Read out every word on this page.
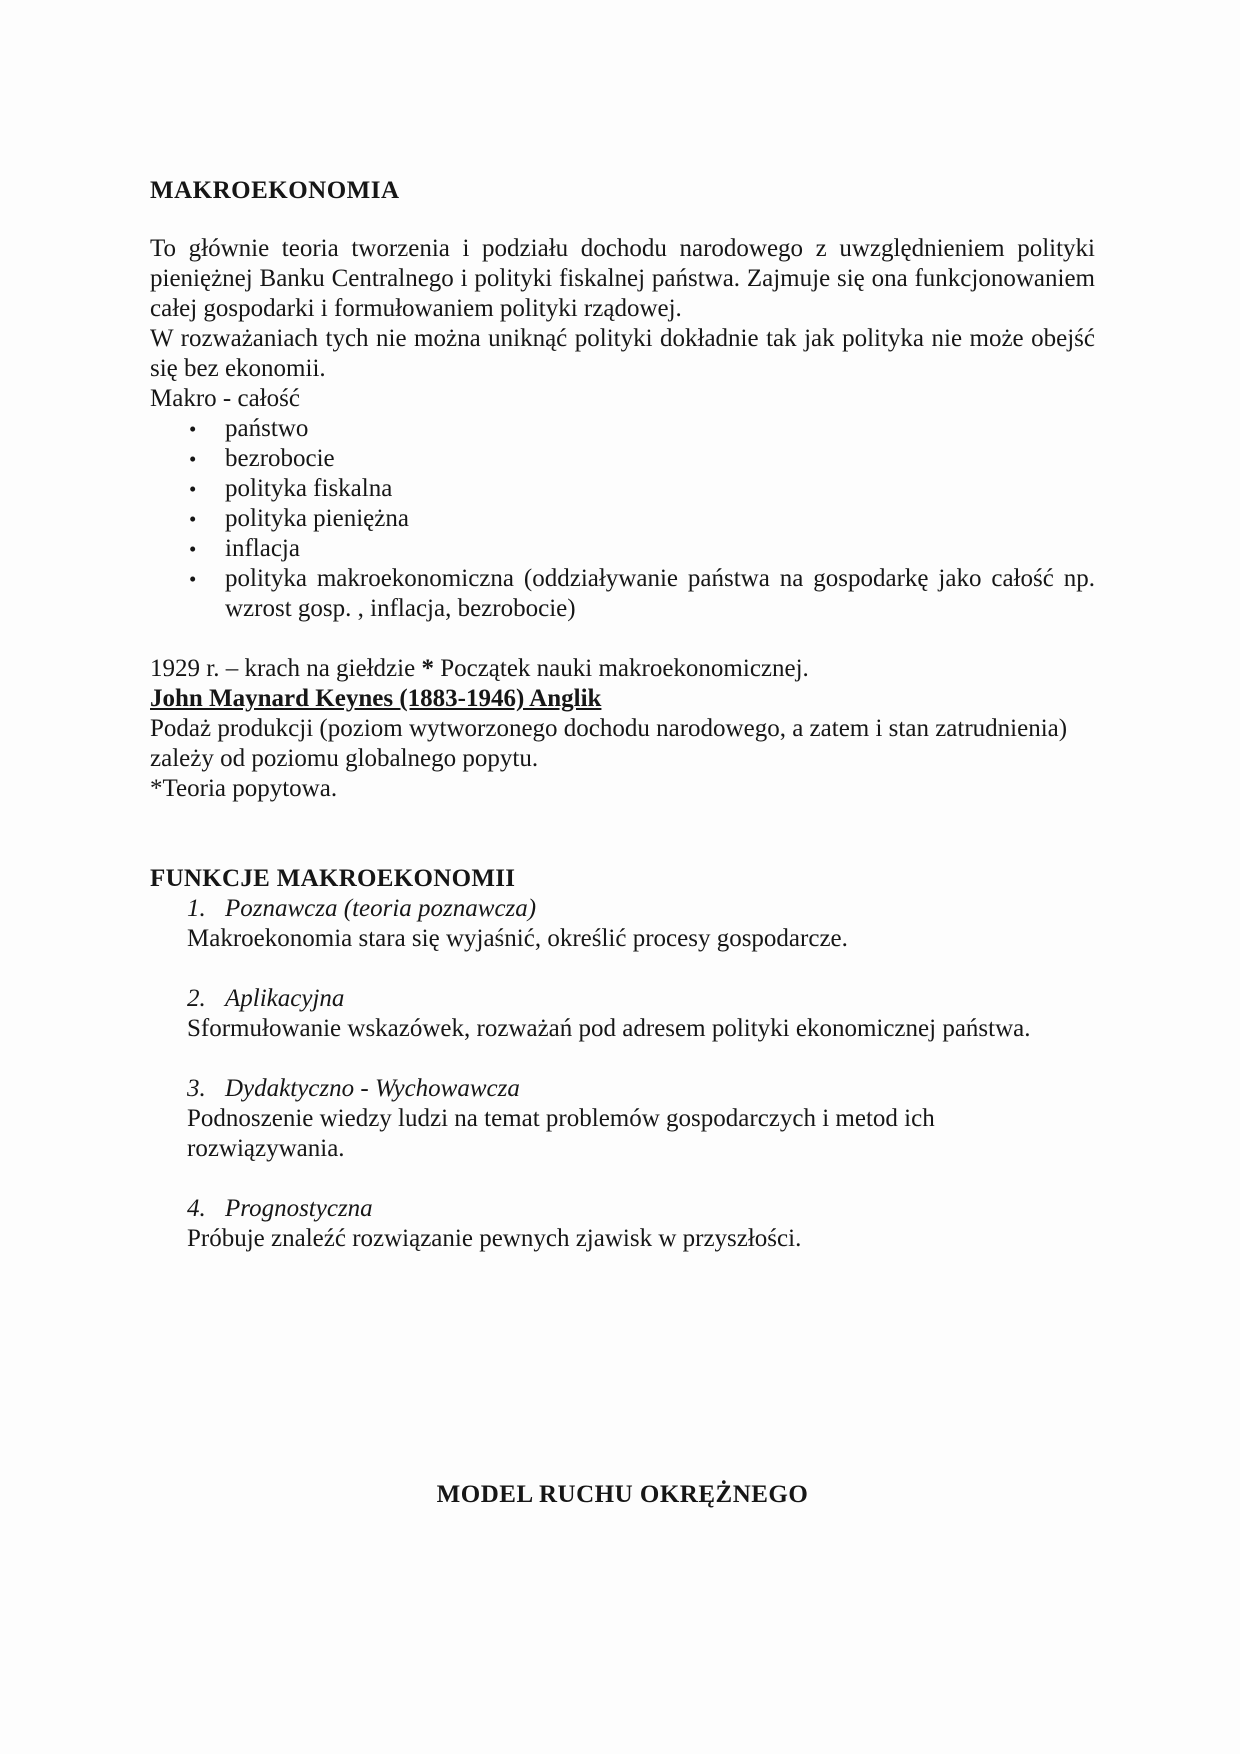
MAKROEKONOMIA

To głównie teoria tworzenia i podziału dochodu narodowego z uwzględnieniem polityki
pieniężnej Banku Centralnego i polityki fiskalnej państwa. Zajmuje się ona funkcjonowaniem
całej gospodarki i formułowaniem polityki rządowej.

W rozważaniach tych nie można uniknąć polityki dokładnie tak jak polityka nie może obejść
się bez ekonomii.

Makro - całość

• państwo
• bezrobocie
• polityka fiskalna
• polityka pieniężna
• inflacja
• polityka makroekonomiczna (oddziaływanie państwa na gospodarkę jako całość np.
wzrost gosp. , inflacja, bezrobocie)

1929 r. – krach na giełdzie * Początek nauki makroekonomicznej.

John Maynard Keynes (1883-1946) Anglik

Podaż produkcji (poziom wytworzonego dochodu narodowego, a zatem i stan zatrudnienia)
zależy od poziomu globalnego popytu.

*Teoria popytowa.

FUNKCJE MAKROEKONOMII
1. Poznawcza (teoria poznawcza)
Makroekonomia stara się wyjaśnić, określić procesy gospodarcze.
2. Aplikacyjna
Sformułowanie wskazówek, rozważań pod adresem polityki ekonomicznej państwa.
3. Dydaktyczno - Wychowawcza
Podnoszenie wiedzy ludzi na temat problemów gospodarczych i metod ich
rozwiązywania.
4. Prognostyczna
Próbuje znaleźć rozwiązanie pewnych zjawisk w przyszłości.
MODEL RUCHU OKRĘŻNEGO
